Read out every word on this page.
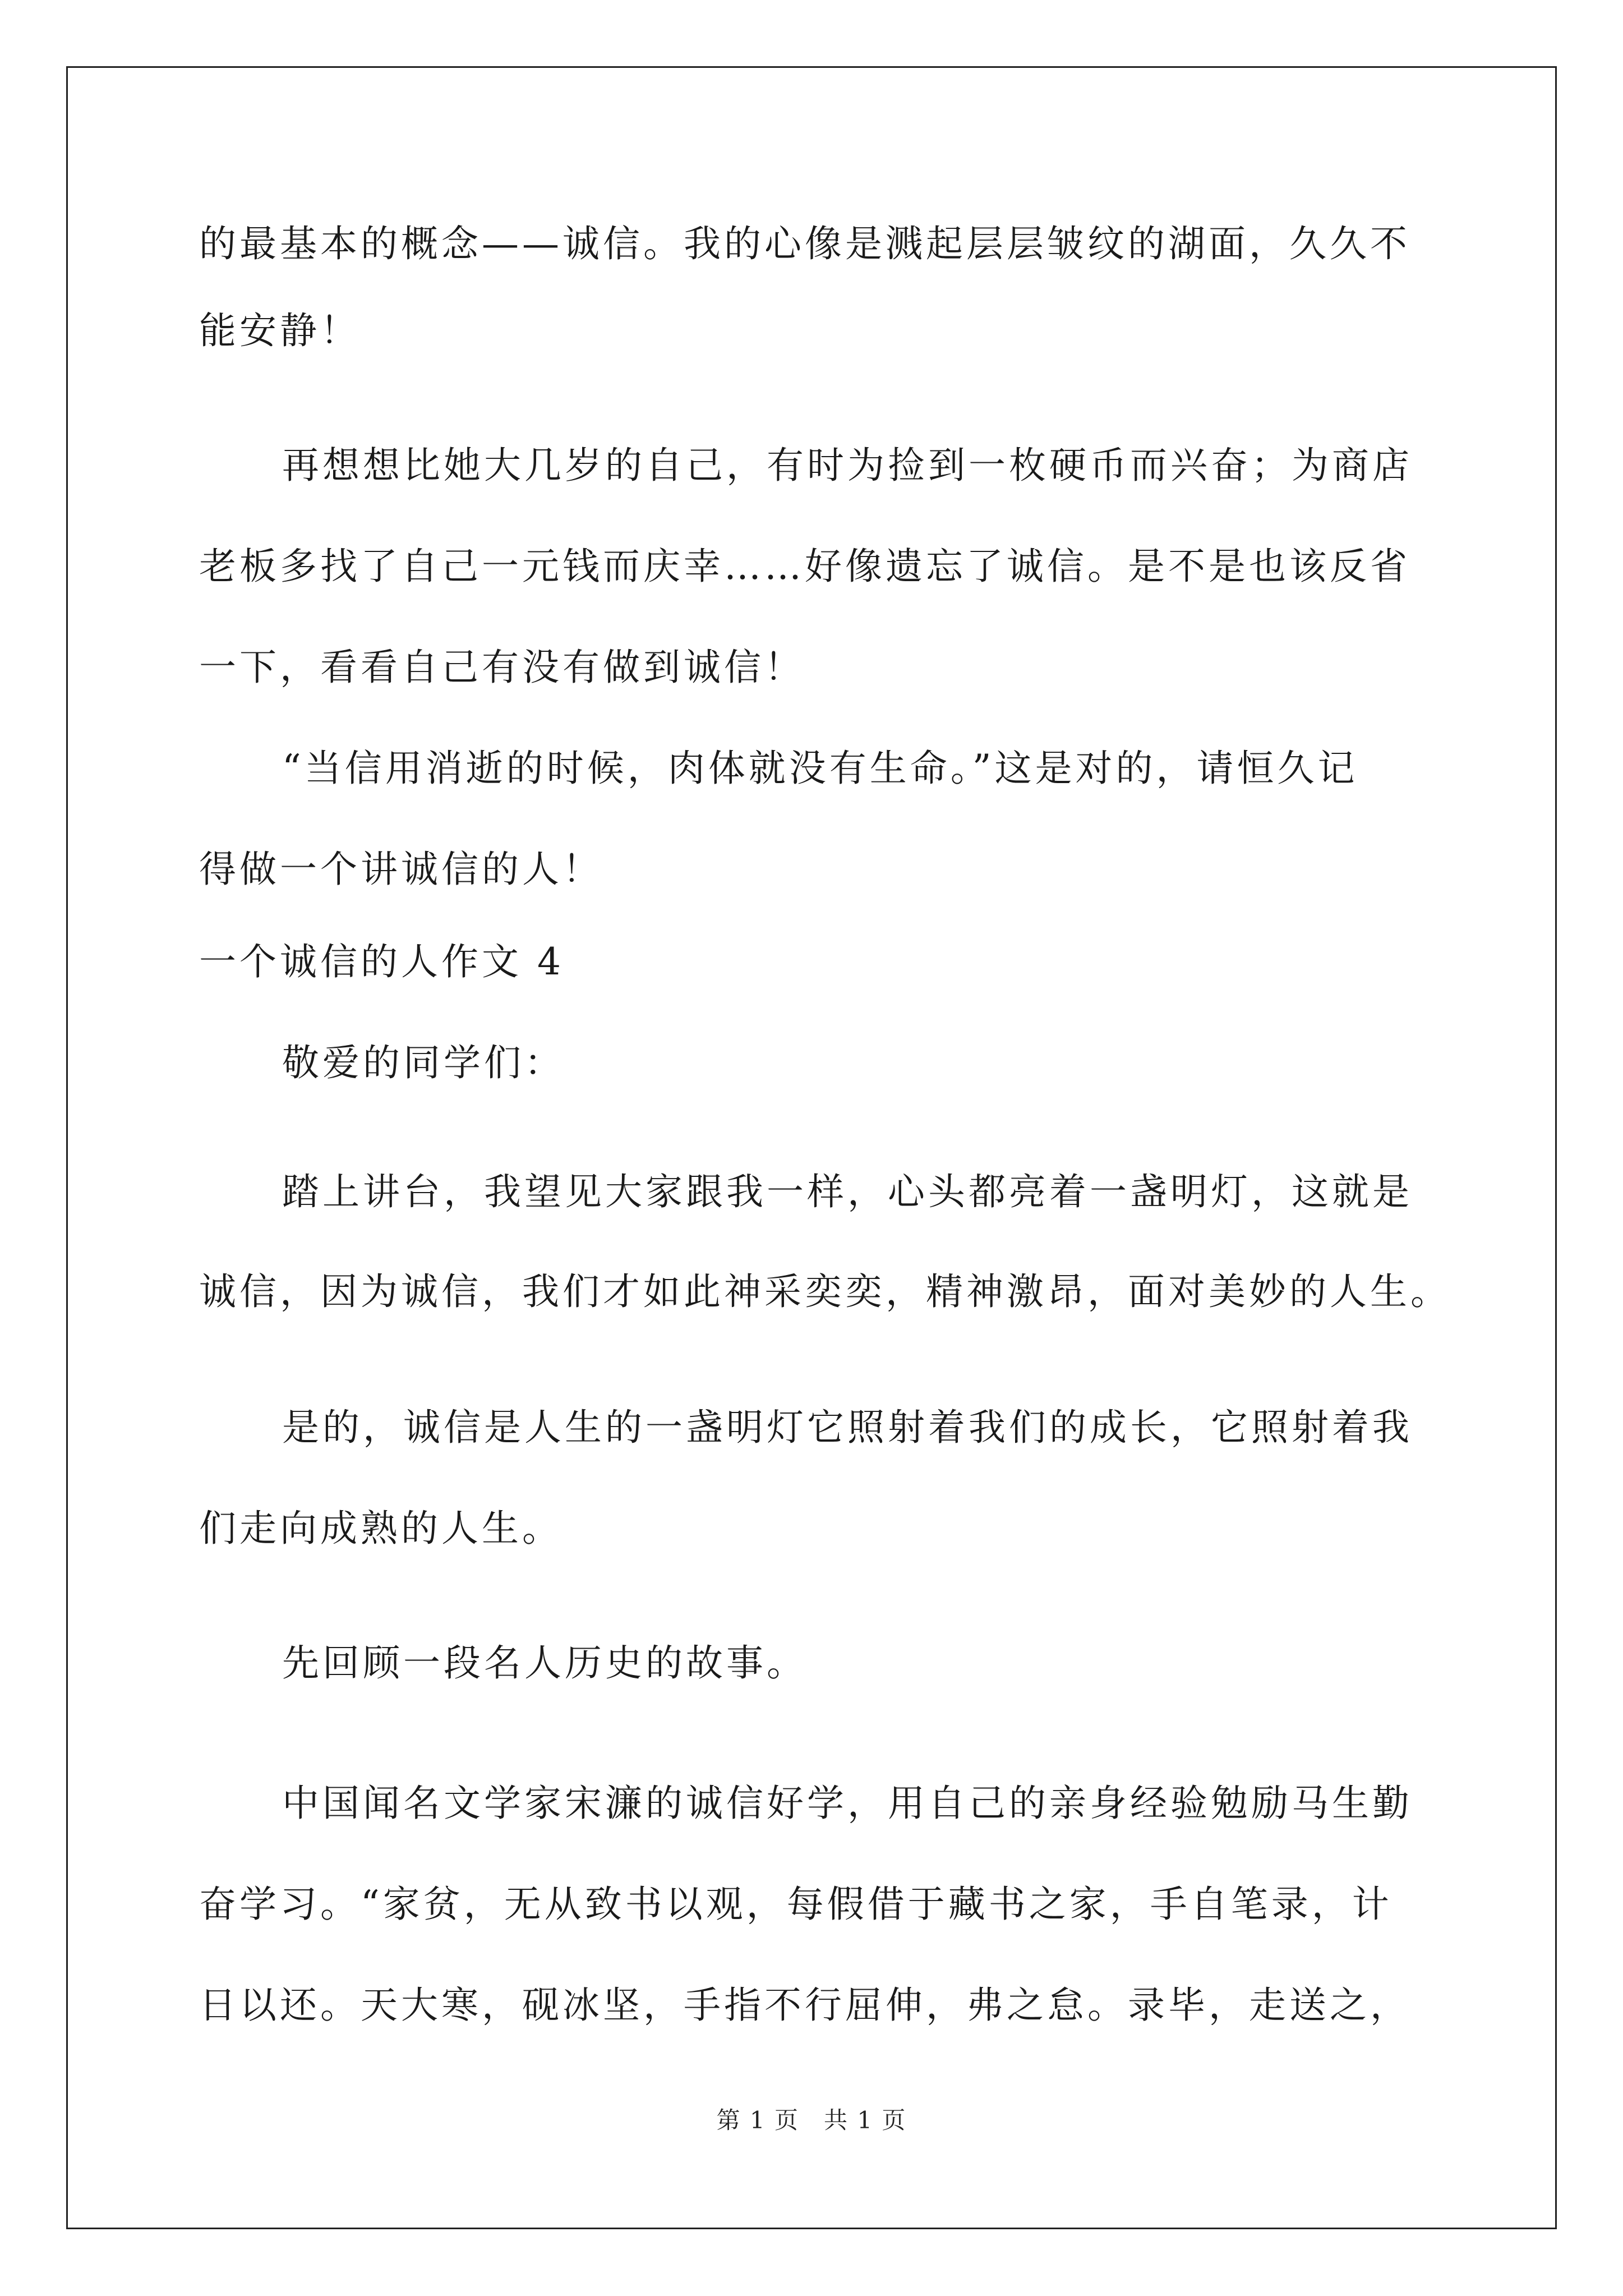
的最基本的概念——诚信。我的心像是溅起层层皱纹的湖面，久久不
能安静！
再想想比她大几岁的自己，有时为捡到一枚硬币而兴奋；为商店
老板多找了自己一元钱而庆幸……好像遗忘了诚信。是不是也该反省
一下，看看自己有没有做到诚信！
“当信用消逝的时候，肉体就没有生命。”这是对的，请恒久记
得做一个讲诚信的人！
一个诚信的人作文 4
敬爱的同学们：
踏上讲台，我望见大家跟我一样，心头都亮着一盏明灯，这就是
诚信，因为诚信，我们才如此神采奕奕，精神激昂，面对美妙的人生。
是的，诚信是人生的一盏明灯它照射着我们的成长，它照射着我
们走向成熟的人生。
先回顾一段名人历史的故事。
中国闻名文学家宋濂的诚信好学，用自己的亲身经验勉励马生勤
奋学习。“家贫，无从致书以观，每假借于藏书之家，手自笔录，计
日以还。天大寒，砚冰坚，手指不行屈伸，弗之怠。录毕，走送之，
第 1 页　共 1 页
